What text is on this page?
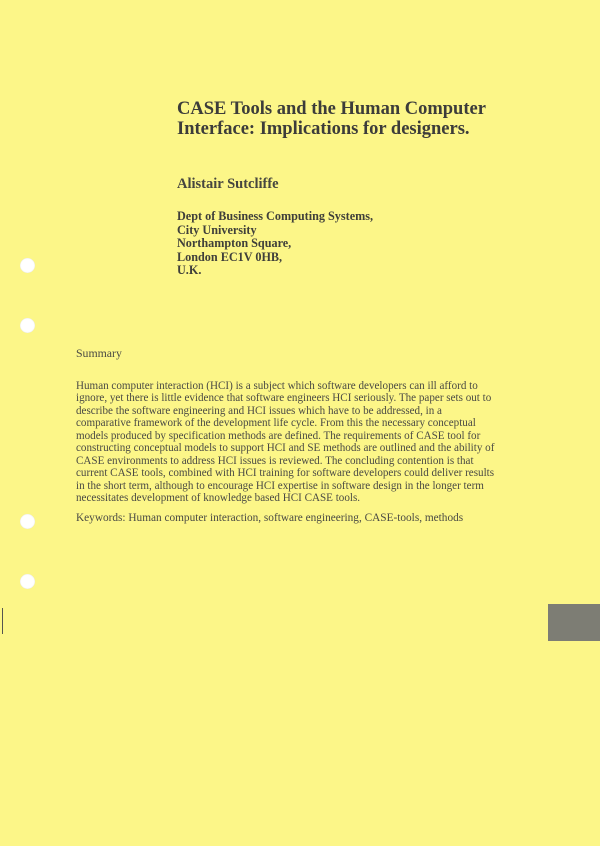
CASE Tools and the Human Computer
Interface: Implications for designers.

Alistair Sutcliffe

Dept of Business Computing Systems,
City University
Northampton Square,
London EC1V 0HB,
U.K.

Summary

Human computer interaction (HCI) is a subject which software developers can ill afford to
ignore, yet there is little evidence that software engineers HCI seriously. The paper sets out to
describe the software engineering and HCI issues which have to be addressed, in a
comparative framework of the development life cycle. From this the necessary conceptual
models produced by specification methods are defined. The requirements of CASE tool for
constructing conceptual models to support HCI and SE methods are outlined and the ability of
CASE environments to address HCI issues is reviewed. The concluding contention is that
current CASE tools, combined with HCI training for software developers could deliver results
in the short term, although to encourage HCI expertise in software design in the longer term
necessitates development of knowledge based HCI CASE tools.

Keywords: Human computer interaction, software engineering, CASE-tools, methods
